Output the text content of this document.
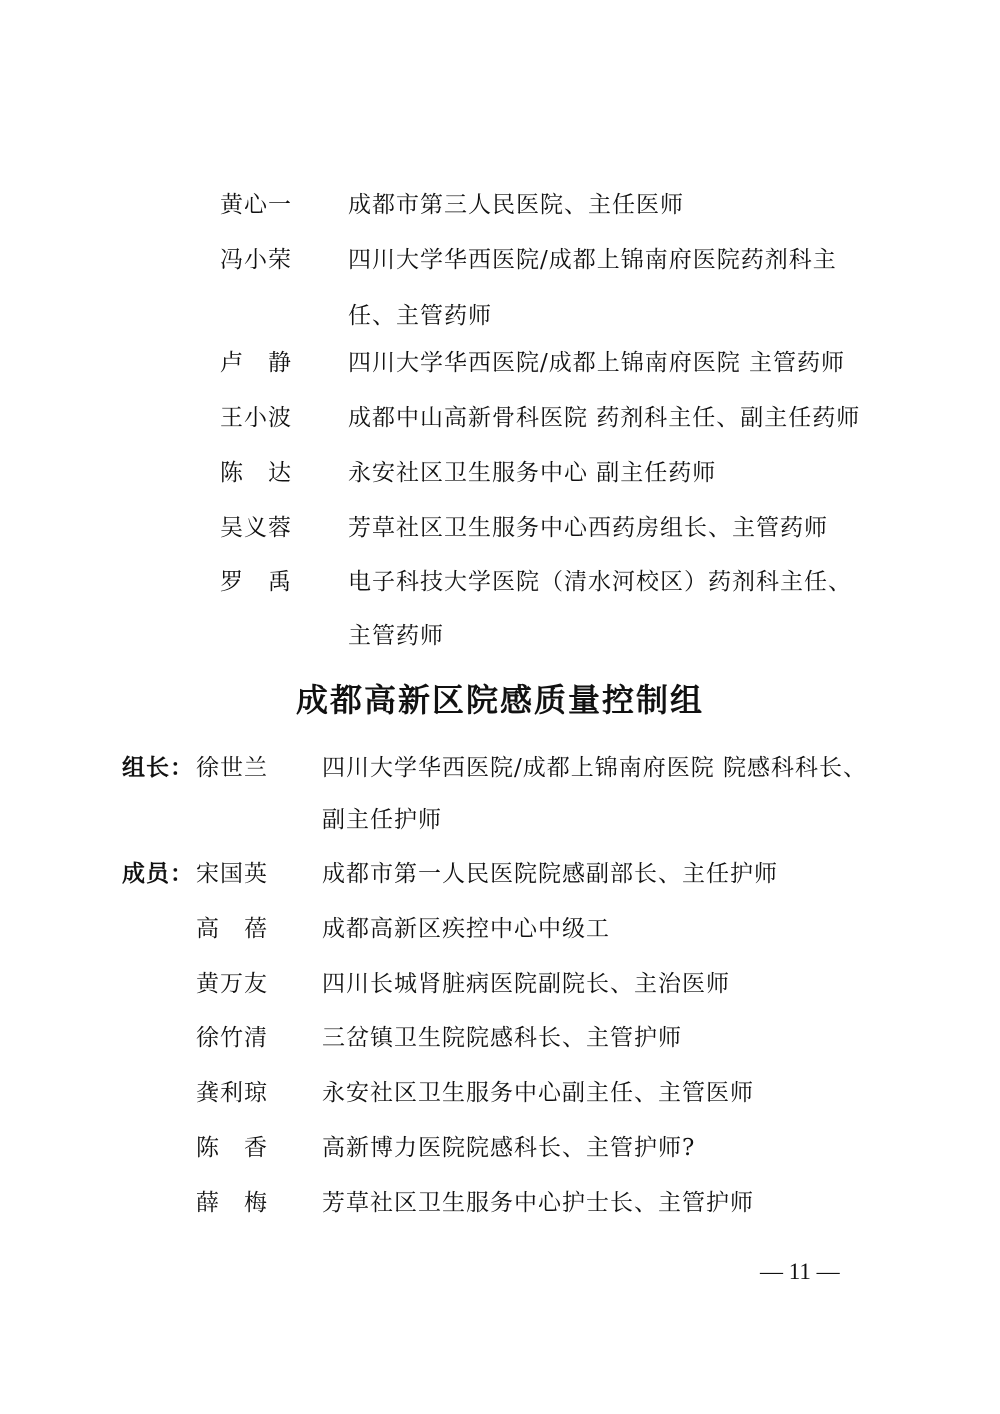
黄心一 成都市第三人民医院、主任医师
冯小荣 四川大学华西医院/成都上锦南府医院药剂科主
任、主管药师
卢　静 四川大学华西医院/成都上锦南府医院 主管药师
王小波 成都中山高新骨科医院 药剂科主任、副主任药师
陈　达 永安社区卫生服务中心 副主任药师
吴义蓉 芳草社区卫生服务中心西药房组长、主管药师
罗　禹 电子科技大学医院（清水河校区）药剂科主任、
主管药师
成都高新区院感质量控制组
组长： 徐世兰 四川大学华西医院/成都上锦南府医院 院感科科长、
副主任护师
成员： 宋国英 成都市第一人民医院院感副部长、主任护师
高　蓓 成都高新区疾控中心中级工
黄万友 四川长城肾脏病医院副院长、主治医师
徐竹清 三岔镇卫生院院感科长、主管护师
龚利琼 永安社区卫生服务中心副主任、主管医师
陈　香 高新博力医院院感科长、主管护师?
薛　梅 芳草社区卫生服务中心护士长、主管护师
— 11 —
